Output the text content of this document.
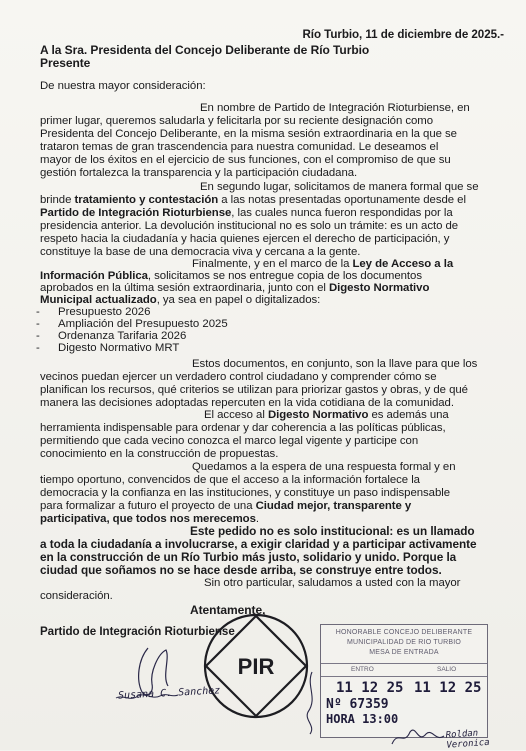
Río Turbio, 11 de diciembre de 2025.-
A la Sra. Presidenta del Concejo Deliberante de Río Turbio
Presente
De nuestra mayor consideración:
En nombre de Partido de Integración Rioturbiense, en
primer lugar, queremos saludarla y felicitarla por su reciente designación como
Presidenta del Concejo Deliberante, en la misma sesión extraordinaria en la que se
trataron temas de gran trascendencia para nuestra comunidad. Le deseamos el
mayor de los éxitos en el ejercicio de sus funciones, con el compromiso de que su
gestión fortalezca la transparencia y la participación ciudadana.
En segundo lugar, solicitamos de manera formal que se
brinde tratamiento y contestación a las notas presentadas oportunamente desde el
Partido de Integración Rioturbiense, las cuales nunca fueron respondidas por la
presidencia anterior. La devolución institucional no es solo un trámite: es un acto de
respeto hacia la ciudadanía y hacia quienes ejercen el derecho de participación, y
constituye la base de una democracia viva y cercana a la gente.
Finalmente, y en el marco de la Ley de Acceso a la
Información Pública, solicitamos se nos entregue copia de los documentos
aprobados en la última sesión extraordinaria, junto con el Digesto Normativo
Municipal actualizado, ya sea en papel o digitalizados:
- Presupuesto 2026
- Ampliación del Presupuesto 2025
- Ordenanza Tarifaria 2026
- Digesto Normativo MRT
Estos documentos, en conjunto, son la llave para que los
vecinos puedan ejercer un verdadero control ciudadano y comprender cómo se
planifican los recursos, qué criterios se utilizan para priorizar gastos y obras, y de qué
manera las decisiones adoptadas repercuten en la vida cotidiana de la comunidad.
El acceso al Digesto Normativo es además una
herramienta indispensable para ordenar y dar coherencia a las políticas públicas,
permitiendo que cada vecino conozca el marco legal vigente y participe con
conocimiento en la construcción de propuestas.
Quedamos a la espera de una respuesta formal y en
tiempo oportuno, convencidos de que el acceso a la información fortalece la
democracia y la confianza en las instituciones, y constituye un paso indispensable
para formalizar a futuro el proyecto de una Ciudad mejor, transparente y
participativa, que todos nos merecemos.
Este pedido no es solo institucional: es un llamado
a toda la ciudadanía a involucrarse, a exigir claridad y a participar activamente
en la construcción de un Río Turbio más justo, solidario y unido. Porque la
ciudad que soñamos no se hace desde arriba, se construye entre todos.
Sin otro particular, saludamos a usted con la mayor
consideración.
Atentamente,
Partido de Integración Rioturbiense
PIR
Susana C. Sanchez
HONORABLE CONCEJO DELIBERANTE
MUNICIPALIDAD DE RIO TURBIO
MESA DE ENTRADA
ENTRO	SALIO
11 12 25 11 12 25
Nº 67359
HORA 13:00
Roldan Veronica
